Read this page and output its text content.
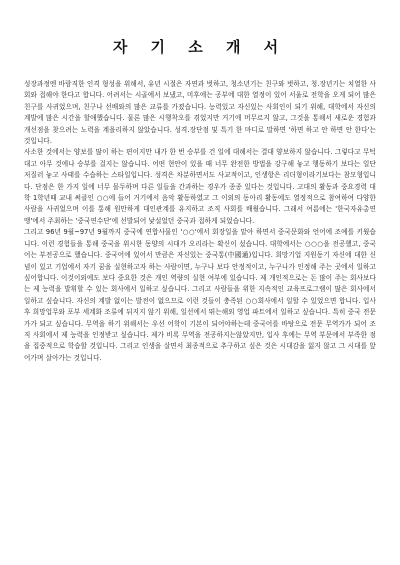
자 기 소 개 서

성장과정엔 바람직한 인격 형성을 위해서, 유년 시절은 자연과 벗하고, 청소년기는 친구와 벗하고, 청.장년기는 치열한 사회와 접해야 한다고 합니다. 어려서는 시골에서 보냈고, 미후에는 공부에 대한 열정이 있어 서울로 전학을 오게 되어 많은 친구를 사귀었으며, 친구나 선배와의 많은 교류를 가졌습니다. 능력있고 자신있는 사회인이 되기 위해, 대학에서 자신의 계발에 많은 시간을 할애했습니다. 물론 많은 시행착오를 겪었지만 거기에 머무르지 않고, 그것을 통해서 새로운 경험과 개선점을 찾으려는 노력을 계을리하지 않았습니다. 성격.장단점 및 특기 한 마디로 말하면 '하면 하고 안 하면 안 한다'는 것입니다.

사소한 것에서는 양보를 많이 하는 편이지만 내가 한 번 승부를 건 일에 대해서는 결대 양보하지 않습니다. 그렇다고 무턱대고 아무 것에나 승부를 걸지는 않습니다. 어떤 현안이 있을 때 너무 완전한 방법을 강구해 놓고 행동하기 보다는 일단 저질러 놓고 사태를 수습하는 스타일입니다. 성격은 차분하면서도 사교적이고, 인생항은 리더형이라기보다는 참모형입니다. 단점은 한 가지 일에 너무 몰두하며 다른 일들을 간과하는 경우가 종종 있다는 것입니다. 고대의 활동과 중요경력 대학 1학년때 교내 써클인 ○○에 들어 거기에서 음악 활동하였고 그 이외의 동아리 활동에도 열정적으로 참여하여 다양한 사람을 사귀었으며 이를 통해 원만하게 대인관계를 유지하고 조직 사회를 배웠습니다. 그래서 여름에는 '한국자유총연맹'에서 주최하는 '중국연수단'에 선발되어 낯설었던 중국과 접하게 되었습니다.

그리고 96년 9월~97년 9월까지 중국에 연합사물인 '○○'에서 회장일을 맡아 하면서 중국문화와 언어에 조예를 키웠습니다. 이런 경험들을 통해 중국을 위시한 동양의 시대가 오리라는 확신이 섰습니다. 대학에서는 ○○○을 전공했고, 중국어는 부전공으로 했습니다. 중국어에 있어서 만큼은 자신있는 중국통(中國通)입니다. 희망기업 지원동기 자신에 대한 신념이 있고 기업에서 자기 꿈을 실현하고자 하는 사람이면, 누구나 보다 안정적이고, 누구나가 인정해 주는 곳에서 일하고 싶어합니다. 이것이외에도 보다 중요한 것은 개인 역량의 실현 여부에 있습니다. 제 개인적으로는 돈 많이 주는 회사보다는 제 능력을 발휘할 수 있는 회사에서 일하고 싶습니다. 그리고 사람들을 위한 지속적인 교육프로그램이 많은 회사에서 일하고 싶습니다. 자신의 계발 없이는 발전이 없으므로 이런 것들이 충족된 ○○회사에서 일할 수 있었으면 합니다. 입사 후 희망업무와 포부 세계화 조류에 뒤지지 않기 위해, 일선에서 뛰는해외 영업 파트에서 일하고 싶습니다. 특히 중국 전문가가 되고 싶습니다. 무역을 하기 위해서는 우선 어학이 기본이 되어야하는데 중국어를 바탕으로 전문 무역가가 되어 조직 사회에서 제 능력을 인정받고 싶습니다. 제가 비록 무역을 전공하지는않았지만, 입사 후에는 무역 부문에서 부족한 점을 집중적으로 학습할 것입니다. 그리고 인생을 살면서 최종적으로 추구하고 싶은 것은 시대감을 잃지 않고 그 시대를 앞어가며 살아가는 것입니다.
